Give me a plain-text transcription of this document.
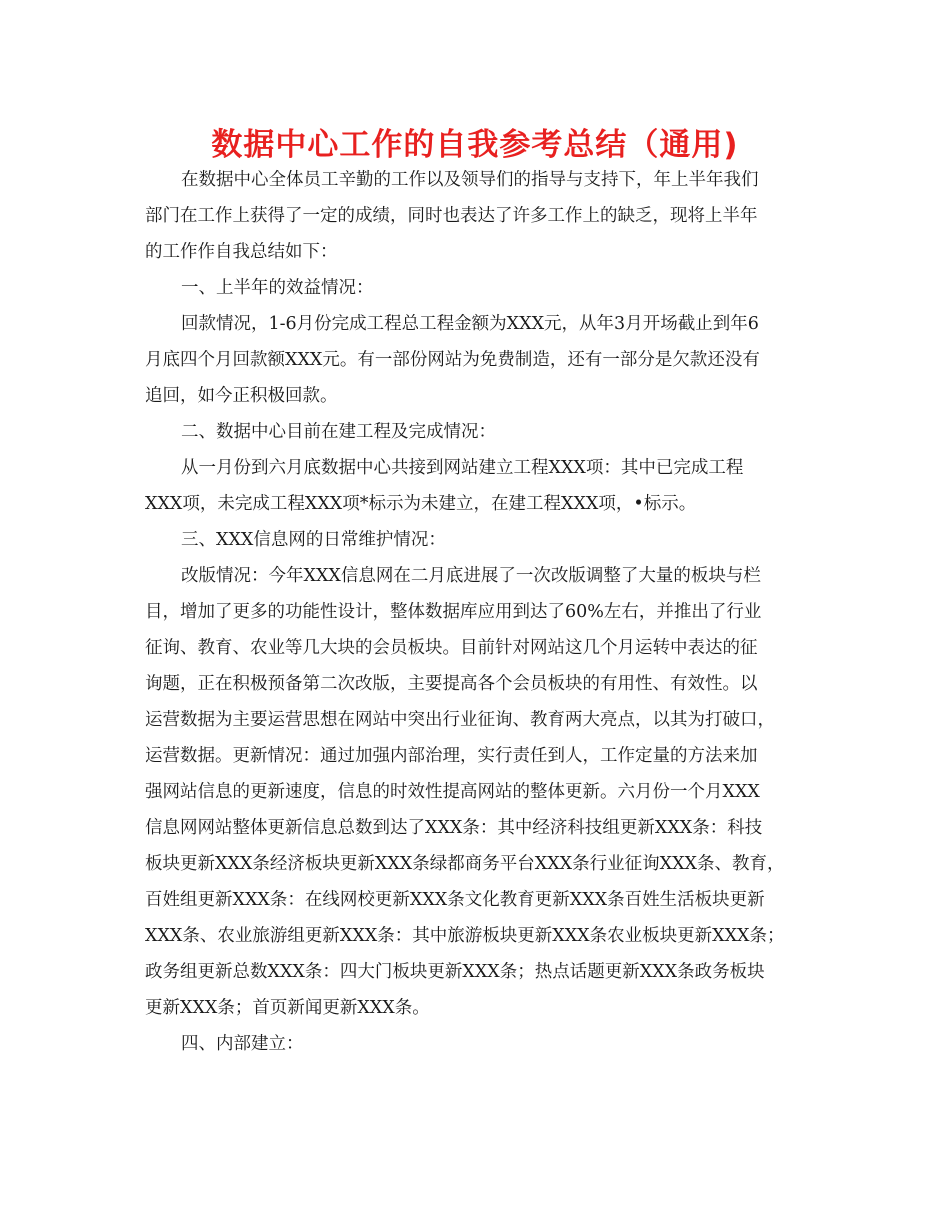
数据中心工作的自我参考总结（通用)
在数据中心全体员工辛勤的工作以及领导们的指导与支持下，年上半年我们
部门在工作上获得了一定的成绩，同时也表达了许多工作上的缺乏，现将上半年
的工作作自我总结如下：
一、上半年的效益情况：
回款情况，1-6月份完成工程总工程金额为XXX元，从年3月开场截止到年6
月底四个月回款额XXX元。有一部份网站为免费制造，还有一部分是欠款还没有
追回，如今正积极回款。
二、数据中心目前在建工程及完成情况：
从一月份到六月底数据中心共接到网站建立工程XXX项：其中已完成工程
XXX项，未完成工程XXX项*标示为未建立，在建工程XXX项，•标示。
三、XXX信息网的日常维护情况：
改版情况：今年XXX信息网在二月底进展了一次改版调整了大量的板块与栏
目，增加了更多的功能性设计，整体数据库应用到达了60%左右，并推出了行业
征询、教育、农业等几大块的会员板块。目前针对网站这几个月运转中表达的征
询题，正在积极预备第二次改版，主要提高各个会员板块的有用性、有效性。以
运营数据为主要运营思想在网站中突出行业征询、教育两大亮点，以其为打破口，
运营数据。更新情况：通过加强内部治理，实行责任到人，工作定量的方法来加
强网站信息的更新速度，信息的时效性提高网站的整体更新。六月份一个月XXX
信息网网站整体更新信息总数到达了XXX条：其中经济科技组更新XXX条：科技
板块更新XXX条经济板块更新XXX条绿都商务平台XXX条行业征询XXX条、教育，
百姓组更新XXX条：在线网校更新XXX条文化教育更新XXX条百姓生活板块更新
XXX条、农业旅游组更新XXX条：其中旅游板块更新XXX条农业板块更新XXX条；
政务组更新总数XXX条：四大门板块更新XXX条；热点话题更新XXX条政务板块
更新XXX条；首页新闻更新XXX条。
四、内部建立：
